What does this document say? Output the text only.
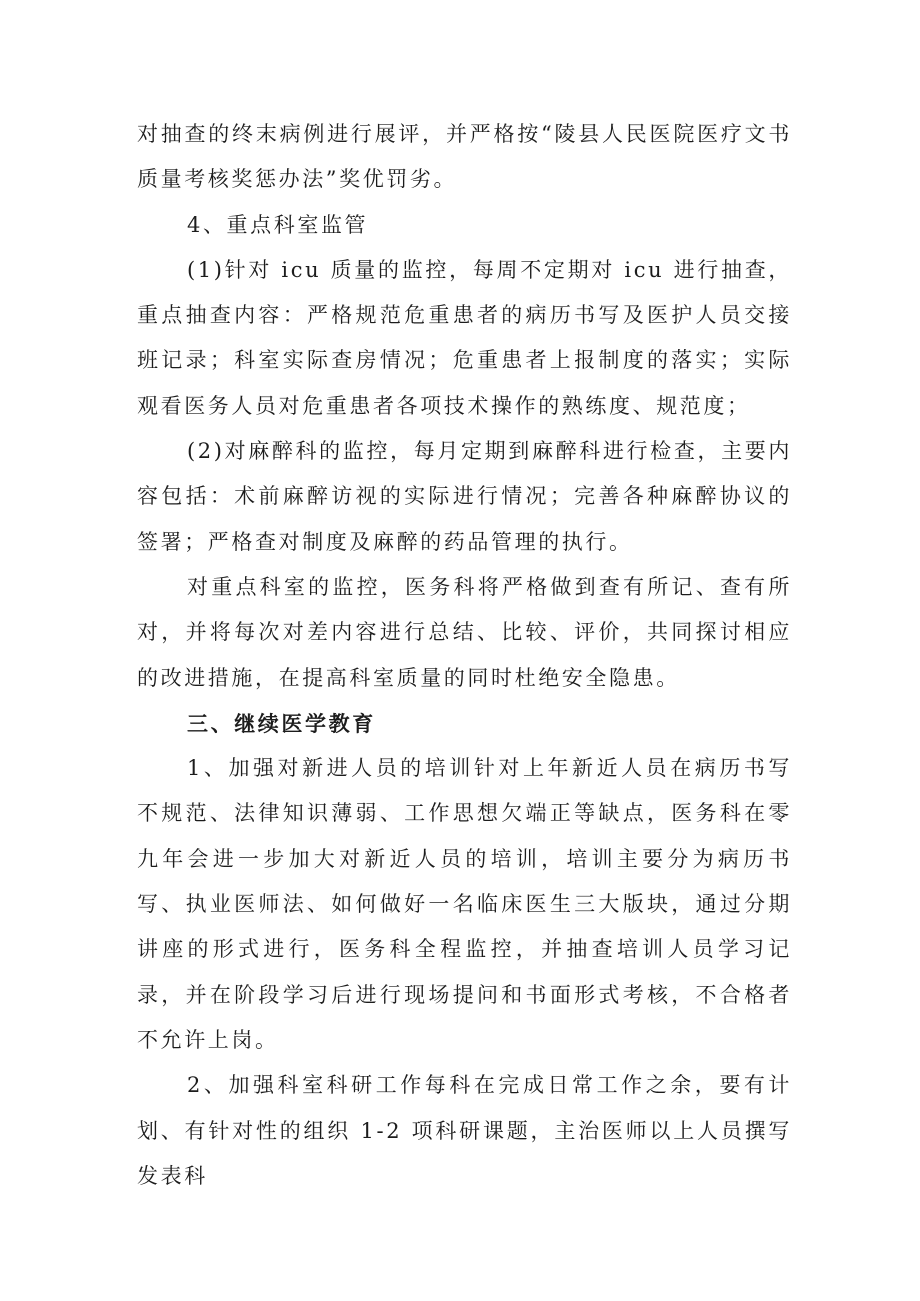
对抽查的终末病例进行展评，并严格按“陵县人民医院医疗文书质量考核奖惩办法”奖优罚劣。

4、重点科室监管

(1)针对 icu 质量的监控，每周不定期对 icu 进行抽查，重点抽查内容：严格规范危重患者的病历书写及医护人员交接班记录；科室实际查房情况；危重患者上报制度的落实；实际观看医务人员对危重患者各项技术操作的熟练度、规范度；

(2)对麻醉科的监控，每月定期到麻醉科进行检查，主要内容包括：术前麻醉访视的实际进行情况；完善各种麻醉协议的签署；严格查对制度及麻醉的药品管理的执行。

对重点科室的监控，医务科将严格做到查有所记、查有所对，并将每次对差内容进行总结、比较、评价，共同探讨相应的改进措施，在提高科室质量的同时杜绝安全隐患。

三、继续医学教育

1、加强对新进人员的培训针对上年新近人员在病历书写不规范、法律知识薄弱、工作思想欠端正等缺点，医务科在零九年会进一步加大对新近人员的培训，培训主要分为病历书写、执业医师法、如何做好一名临床医生三大版块，通过分期讲座的形式进行，医务科全程监控，并抽查培训人员学习记录，并在阶段学习后进行现场提问和书面形式考核，不合格者不允许上岗。

2、加强科室科研工作每科在完成日常工作之余，要有计划、有针对性的组织 1-2 项科研课题，主治医师以上人员撰写发表科
